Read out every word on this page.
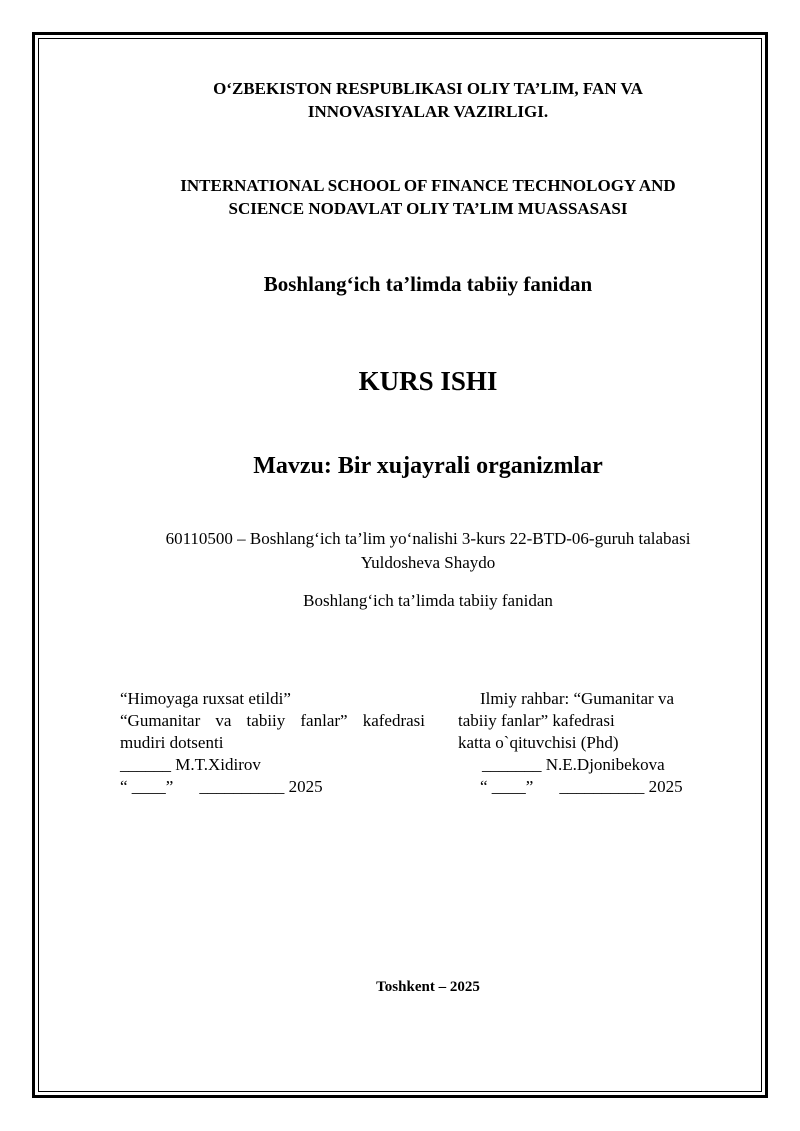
O‘ZBEKISTON RESPUBLIKASI OLIY TA’LIM, FAN VA
INNOVASIYALAR VAZIRLIGI.
INTERNATIONAL SCHOOL OF FINANCE TECHNOLOGY AND
SCIENCE NODAVLAT OLIY TA’LIM MUASSASASI
Boshlang‘ich ta’limda tabiiy fanidan
KURS ISHI
Mavzu: Bir xujayrali organizmlar
60110500 – Boshlang‘ich ta’lim yo‘nalishi 3-kurs 22-BTD-06-guruh talabasi
Yuldosheva Shaydo
Boshlang‘ich ta’limda tabiiy fanidan
“Himoyaga ruxsat etildi”
“Gumanitar va tabiiy fanlar” kafedrasi
mudiri dotsenti
______ M.T.Xidirov
“ ____” __________ 2025
Ilmiy rahbar: “Gumanitar va
tabiiy fanlar” kafedrasi
katta o`qituvchisi (Phd)
_______ N.E.Djonibekova
“ ____” __________ 2025
Toshkent – 2025
